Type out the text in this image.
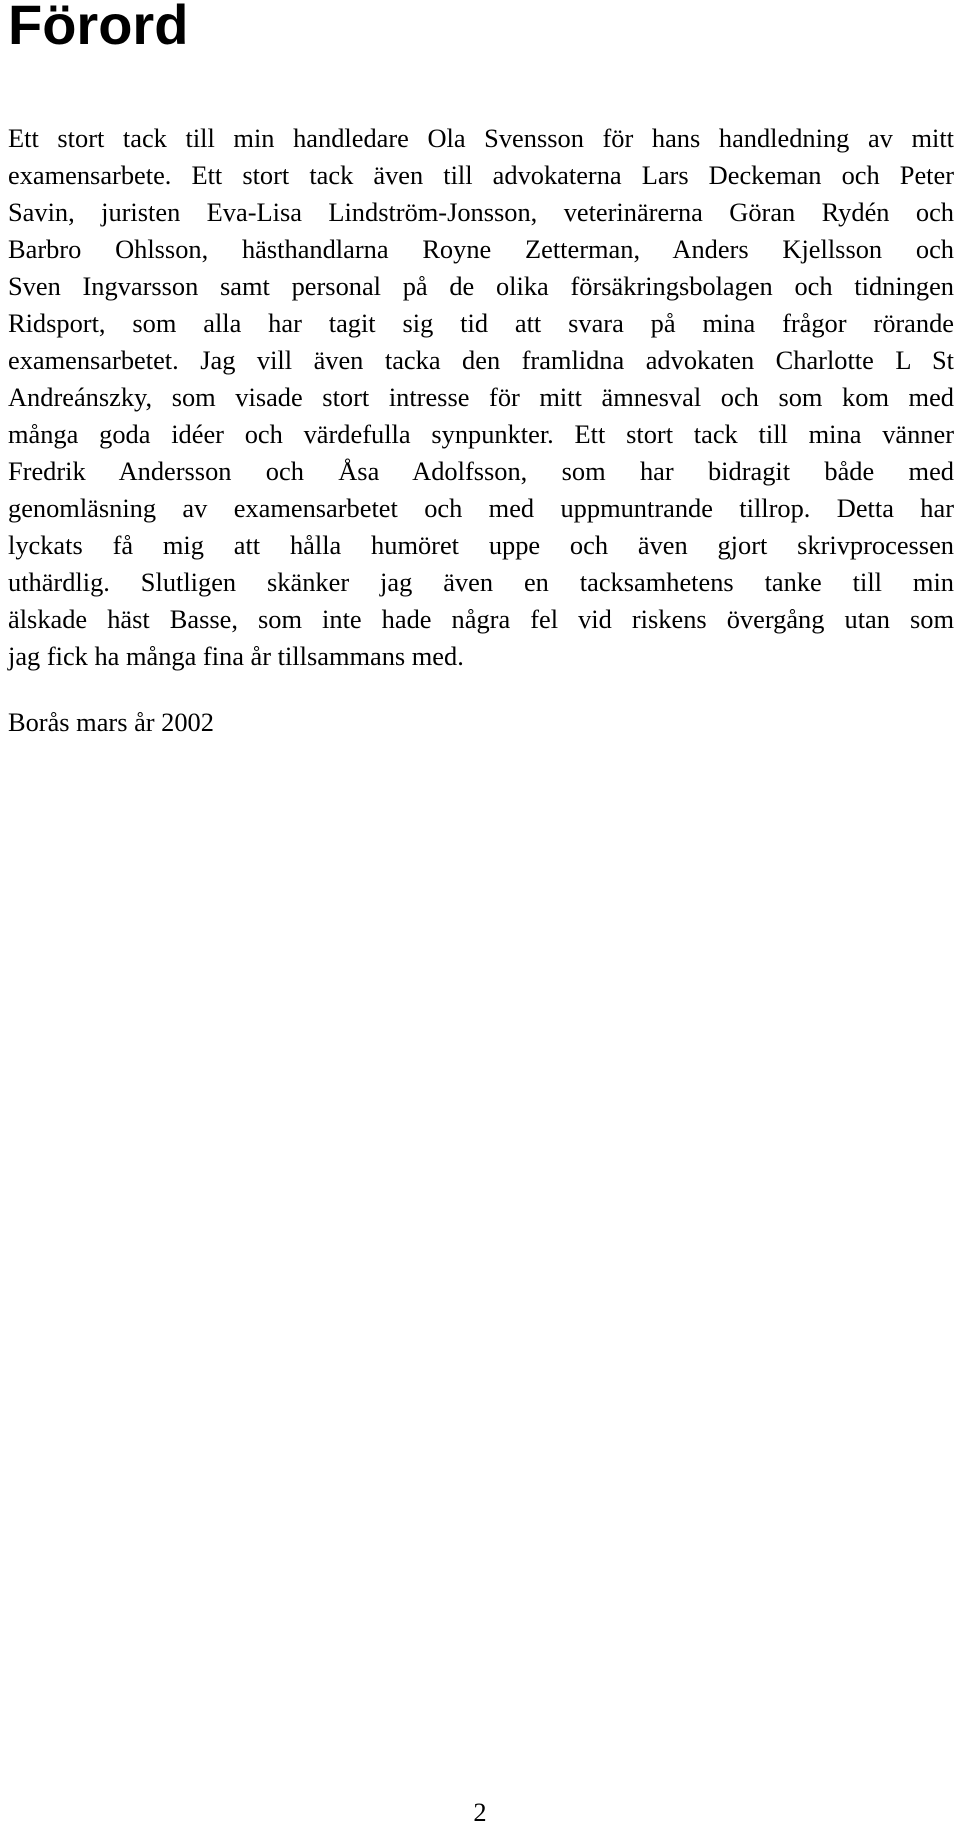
Förord
Ett stort tack till min handledare Ola Svensson för hans handledning av mitt
examensarbete. Ett stort tack även till advokaterna Lars Deckeman och Peter
Savin, juristen Eva-Lisa Lindström-Jonsson, veterinärerna Göran Rydén och
Barbro Ohlsson, hästhandlarna Royne Zetterman, Anders Kjellsson och
Sven Ingvarsson samt personal på de olika försäkringsbolagen och tidningen
Ridsport, som alla har tagit sig tid att svara på mina frågor rörande
examensarbetet. Jag vill även tacka den framlidna advokaten Charlotte L St
Andreánszky, som visade stort intresse för mitt ämnesval och som kom med
många goda idéer och värdefulla synpunkter. Ett stort tack till mina vänner
Fredrik Andersson och Åsa Adolfsson, som har bidragit både med
genomläsning av examensarbetet och med uppmuntrande tillrop. Detta har
lyckats få mig att hålla humöret uppe och även gjort skrivprocessen
uthärdlig. Slutligen skänker jag även en tacksamhetens tanke till min
älskade häst Basse, som inte hade några fel vid riskens övergång utan som
jag fick ha många fina år tillsammans med.

Borås mars år 2002

2
